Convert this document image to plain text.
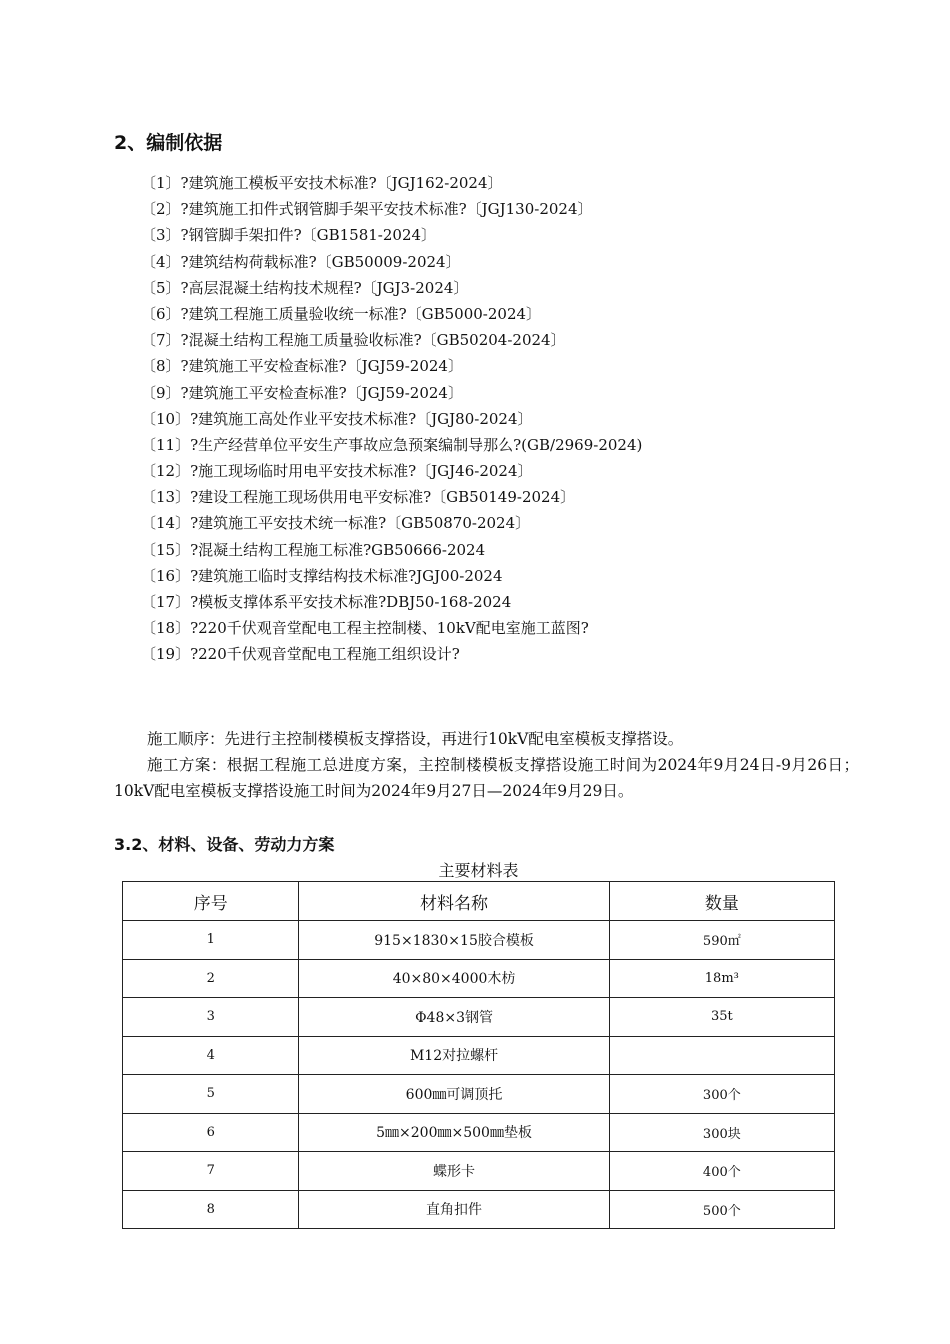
2、编制依据
〔1〕?建筑施工模板平安技术标准?〔JGJ162-2024〕
〔2〕?建筑施工扣件式钢管脚手架平安技术标准?〔JGJ130-2024〕
〔3〕?钢管脚手架扣件?〔GB1581-2024〕
〔4〕?建筑结构荷载标准?〔GB50009-2024〕
〔5〕?高层混凝土结构技术规程?〔JGJ3-2024〕
〔6〕?建筑工程施工质量验收统一标准?〔GB5000-2024〕
〔7〕?混凝土结构工程施工质量验收标准?〔GB50204-2024〕
〔8〕?建筑施工平安检查标准?〔JGJ59-2024〕
〔9〕?建筑施工平安检查标准?〔JGJ59-2024〕
〔10〕?建筑施工高处作业平安技术标准?〔JGJ80-2024〕
〔11〕?生产经营单位平安生产事故应急预案编制导那么?(GB/2969-2024)
〔12〕?施工现场临时用电平安技术标准?〔JGJ46-2024〕
〔13〕?建设工程施工现场供用电平安标准?〔GB50149-2024〕
〔14〕?建筑施工平安技术统一标准?〔GB50870-2024〕
〔15〕?混凝土结构工程施工标准?GB50666-2024
〔16〕?建筑施工临时支撑结构技术标准?JGJ00-2024
〔17〕?模板支撑体系平安技术标准?DBJ50-168-2024
〔18〕?220千伏观音堂配电工程主控制楼、10kV配电室施工蓝图?
〔19〕?220千伏观音堂配电工程施工组织设计?

施工顺序：先进行主控制楼模板支撑搭设，再进行10kV配电室模板支撑搭设。

施工方案：根据工程施工总进度方案，主控制楼模板支撑搭设施工时间为2024年9月24日-9月26日；10kV配电室模板支撑搭设施工时间为2024年9月27日—2024年9月29日。

3.2、材料、设备、劳动力方案
主要材料表
序号	材料名称	数量
1	915×1830×15胶合模板	590㎡
2	40×80×4000木枋	18m³
3	Φ48×3钢管	35t
4	M12对拉螺杆	
5	600㎜可调顶托	300个
6	5㎜×200㎜×500㎜垫板	300块
7	蝶形卡	400个
8	直角扣件	500个
